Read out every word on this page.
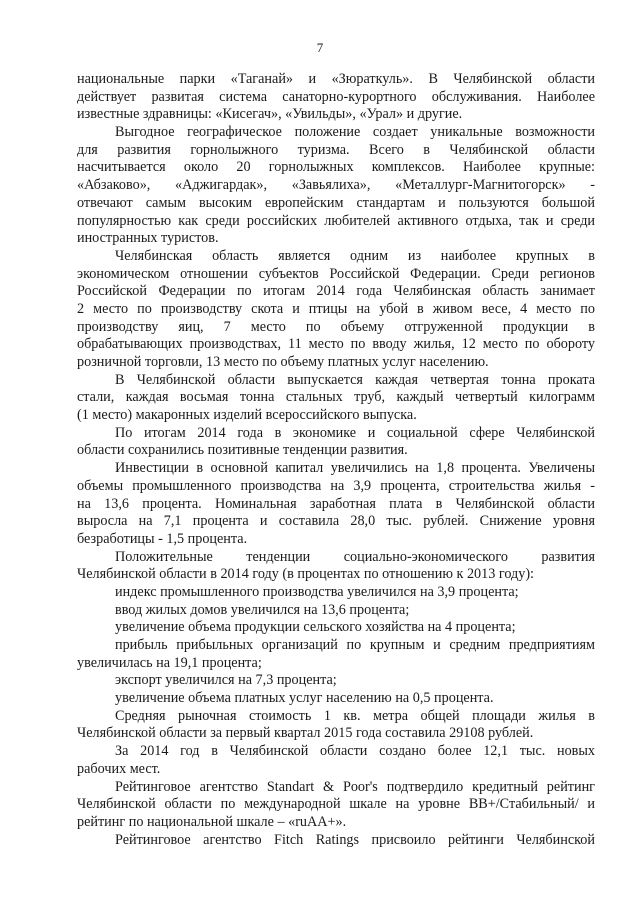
7
национальные парки «Таганай» и «Зюраткуль». В Челябинской области
действует развитая система санаторно-курортного обслуживания. Наиболее
известные здравницы: «Кисегач», «Увильды», «Урал» и другие.
Выгодное географическое положение создает уникальные возможности
для развития горнолыжного туризма. Всего в Челябинской области
насчитывается около 20 горнолыжных комплексов. Наиболее крупные:
«Абзаково», «Аджигардак», «Завьялиха», «Металлург-Магнитогорск» -
отвечают самым высоким европейским стандартам и пользуются большой
популярностью как среди российских любителей активного отдыха, так и среди
иностранных туристов.
Челябинская область является одним из наиболее крупных в
экономическом отношении субъектов Российской Федерации. Среди регионов
Российской Федерации по итогам 2014 года Челябинская область занимает
2 место по производству скота и птицы на убой в живом весе, 4 место по
производству яиц, 7 место по объему отгруженной продукции в
обрабатывающих производствах, 11 место по вводу жилья, 12 место по обороту
розничной торговли, 13 место по объему платных услуг населению.
В Челябинской области выпускается каждая четвертая тонна проката
стали, каждая восьмая тонна стальных труб, каждый четвертый килограмм
(1 место) макаронных изделий всероссийского выпуска.
По итогам 2014 года в экономике и социальной сфере Челябинской
области сохранились позитивные тенденции развития.
Инвестиции в основной капитал увеличились на 1,8 процента. Увеличены
объемы промышленного производства на 3,9 процента, строительства жилья -
на 13,6 процента. Номинальная заработная плата в Челябинской области
выросла на 7,1 процента и составила 28,0 тыс. рублей. Снижение уровня
безработицы - 1,5 процента.
Положительные тенденции социально-экономического развития
Челябинской области в 2014 году (в процентах по отношению к 2013 году):
индекс промышленного производства увеличился на 3,9 процента;
ввод жилых домов увеличился на 13,6 процента;
увеличение объема продукции сельского хозяйства на 4 процента;
прибыль прибыльных организаций по крупным и средним предприятиям
увеличилась на 19,1 процента;
экспорт увеличился на 7,3 процента;
увеличение объема платных услуг населению на 0,5 процента.
Средняя рыночная стоимость 1 кв. метра общей площади жилья в
Челябинской области за первый квартал 2015 года составила 29108 рублей.
За 2014 год в Челябинской области создано более 12,1 тыс. новых
рабочих мест.
Рейтинговое агентство Standart & Poor's подтвердило кредитный рейтинг
Челябинской области по международной шкале на уровне BB+/Стабильный/ и
рейтинг по национальной шкале – «ruAA+».
Рейтинговое агентство Fitch Ratings присвоило рейтинги Челябинской
